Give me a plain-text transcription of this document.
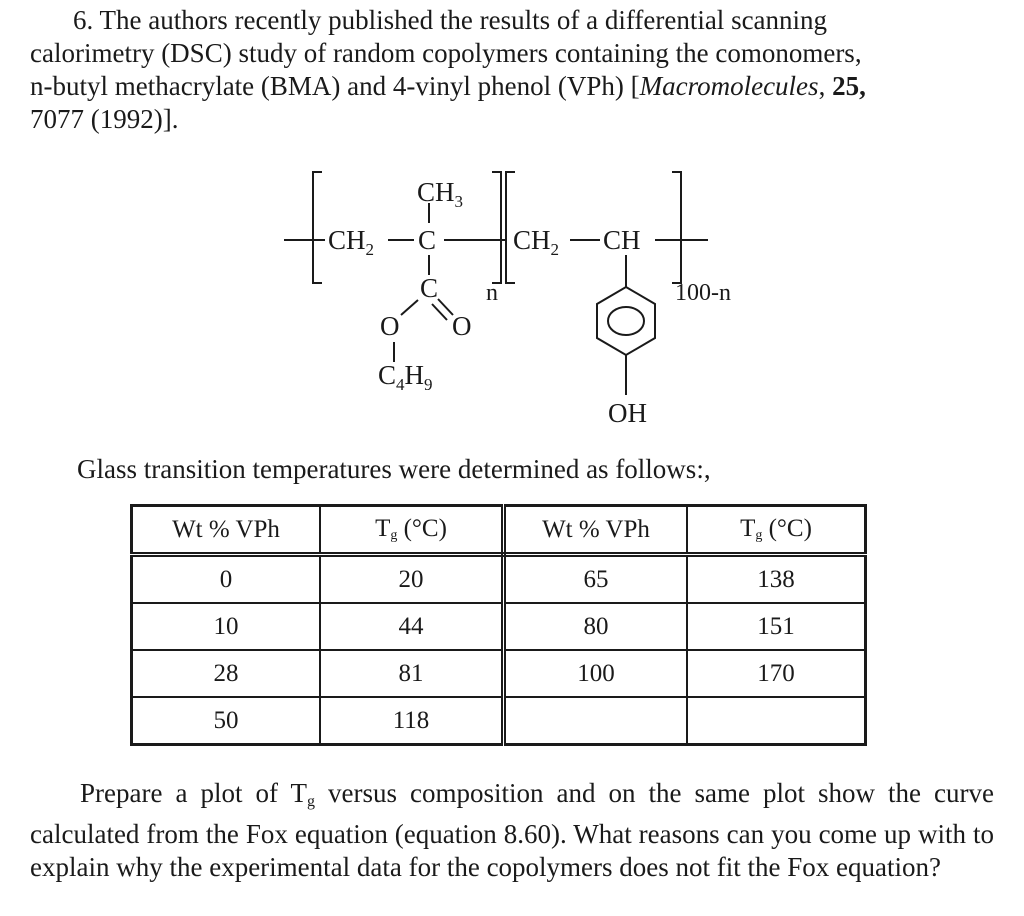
6. The authors recently published the results of a differential scanning
calorimetry (DSC) study of random copolymers containing the comonomers,
n-butyl methacrylate (BMA) and 4-vinyl phenol (VPh) [Macromolecules, 25,
7077 (1992)].
$CH_3$
$CH_2$ C
C
O O
$C_4H_9$
n
$CH_2$ CH
100-n
OH
Glass transition temperatures were determined as follows:,
Wt % VPh	$T_g$ (°C)	Wt % VPh	$T_g$ (°C)
0	20	65	138
10	44	80	151
28	81	100	170
50	118		
Prepare a plot of $T_g$ versus composition and on the same plot show the curve calculated from the Fox equation (equation 8.60). What reasons can you come up with to explain why the experimental data for the copolymers does not fit the Fox equation?
